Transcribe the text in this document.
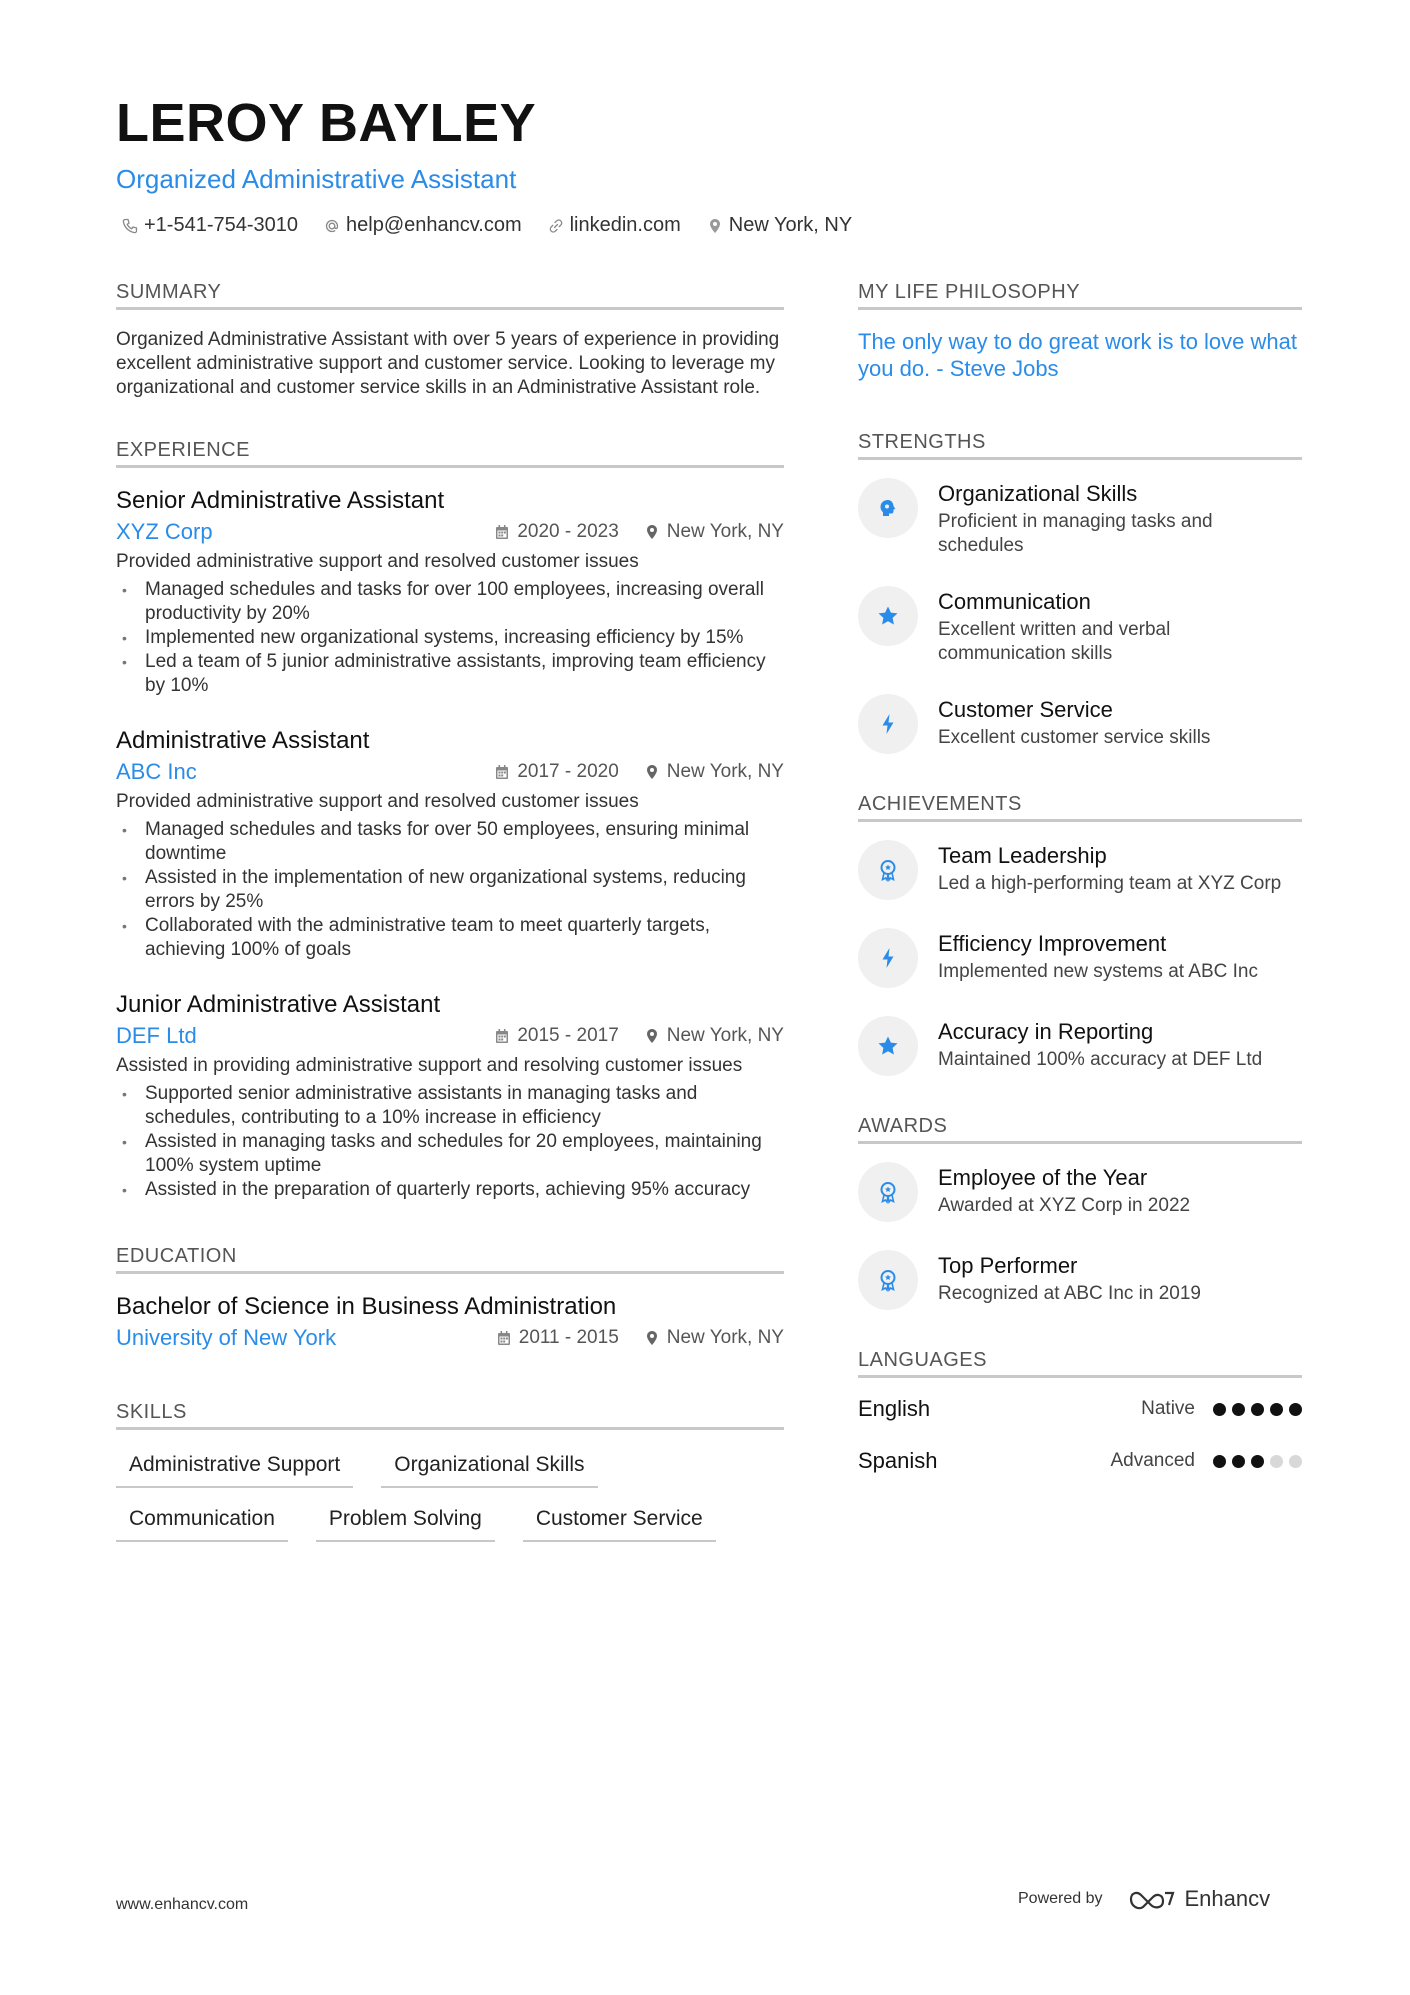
LEROY BAYLEY
Organized Administrative Assistant
+1-541-754-3010 help@enhancv.com linkedin.com New York, NY
SUMMARY
Organized Administrative Assistant with over 5 years of experience in providing excellent administrative support and customer service. Looking to leverage my organizational and customer service skills in an Administrative Assistant role.
EXPERIENCE
Senior Administrative Assistant
XYZ Corp	2020 - 2023	New York, NY
Provided administrative support and resolved customer issues
• Managed schedules and tasks for over 100 employees, increasing overall productivity by 20%
• Implemented new organizational systems, increasing efficiency by 15%
• Led a team of 5 junior administrative assistants, improving team efficiency by 10%
Administrative Assistant
ABC Inc	2017 - 2020	New York, NY
Provided administrative support and resolved customer issues
• Managed schedules and tasks for over 50 employees, ensuring minimal downtime
• Assisted in the implementation of new organizational systems, reducing errors by 25%
• Collaborated with the administrative team to meet quarterly targets, achieving 100% of goals
Junior Administrative Assistant
DEF Ltd	2015 - 2017	New York, NY
Assisted in providing administrative support and resolving customer issues
• Supported senior administrative assistants in managing tasks and schedules, contributing to a 10% increase in efficiency
• Assisted in managing tasks and schedules for 20 employees, maintaining 100% system uptime
• Assisted in the preparation of quarterly reports, achieving 95% accuracy
EDUCATION
Bachelor of Science in Business Administration
University of New York	2011 - 2015	New York, NY
SKILLS
Administrative Support	Organizational Skills
Communication	Problem Solving	Customer Service
MY LIFE PHILOSOPHY
The only way to do great work is to love what you do. - Steve Jobs
STRENGTHS
Organizational Skills
Proficient in managing tasks and schedules
Communication
Excellent written and verbal communication skills
Customer Service
Excellent customer service skills
ACHIEVEMENTS
Team Leadership
Led a high-performing team at XYZ Corp
Efficiency Improvement
Implemented new systems at ABC Inc
Accuracy in Reporting
Maintained 100% accuracy at DEF Ltd
AWARDS
Employee of the Year
Awarded at XYZ Corp in 2022
Top Performer
Recognized at ABC Inc in 2019
LANGUAGES
English	Native
Spanish	Advanced
www.enhancv.com	Powered by	Enhancv
